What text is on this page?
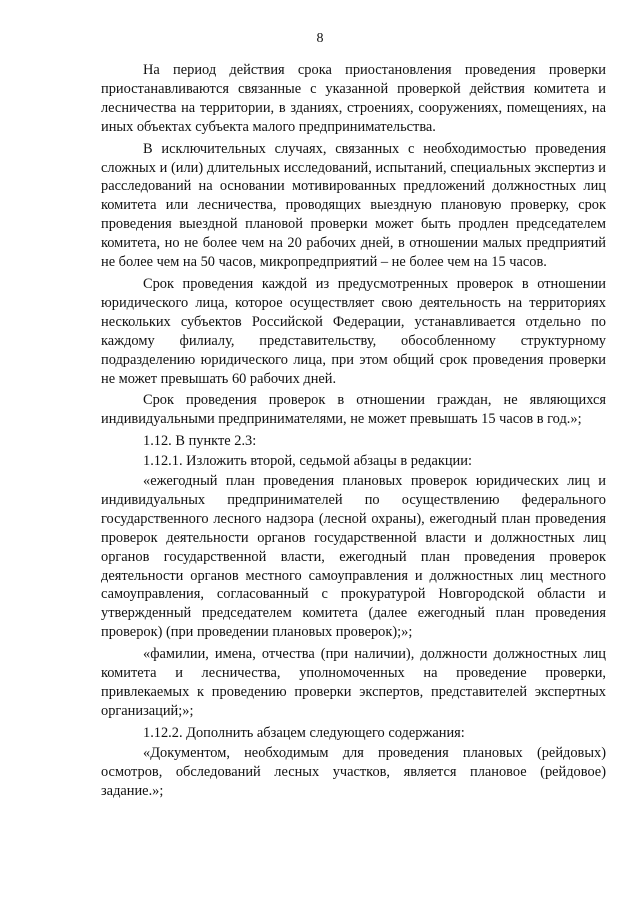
8

На период действия срока приостановления проведения проверки приостанавливаются связанные с указанной проверкой действия комитета и лесничества на территории, в зданиях, строениях, сооружениях, помещениях, на иных объектах субъекта малого предпринимательства.

В исключительных случаях, связанных с необходимостью проведения сложных и (или) длительных исследований, испытаний, специальных экспертиз и расследований на основании мотивированных предложений должностных лиц комитета или лесничества, проводящих выездную плановую проверку, срок проведения выездной плановой проверки может быть продлен председателем комитета, но не более чем на 20 рабочих дней, в отношении малых предприятий не более чем на 50 часов, микропредприятий – не более чем на 15 часов.

Срок проведения каждой из предусмотренных проверок в отношении юридического лица, которое осуществляет свою деятельность на территориях нескольких субъектов Российской Федерации, устанавливается отдельно по каждому филиалу, представительству, обособленному структурному подразделению юридического лица, при этом общий срок проведения проверки не может превышать 60 рабочих дней.

Срок проведения проверок в отношении граждан, не являющихся индивидуальными предпринимателями, не может превышать 15 часов в год.»;

1.12. В пункте 2.3:

1.12.1. Изложить второй, седьмой абзацы в редакции:

«ежегодный план проведения плановых проверок юридических лиц и индивидуальных предпринимателей по осуществлению федерального государственного лесного надзора (лесной охраны), ежегодный план проведения проверок деятельности органов государственной власти и должностных лиц органов государственной власти, ежегодный план проведения проверок деятельности органов местного самоуправления и должностных лиц местного самоуправления, согласованный с прокуратурой Новгородской области и утвержденный председателем комитета (далее ежегодный план проведения проверок) (при проведении плановых проверок);»;

«фамилии, имена, отчества (при наличии), должности должностных лиц комитета и лесничества, уполномоченных на проведение проверки, привлекаемых к проведению проверки экспертов, представителей экспертных организаций;»;

1.12.2. Дополнить абзацем следующего содержания:

«Документом, необходимым для проведения плановых (рейдовых) осмотров, обследований лесных участков, является плановое (рейдовое) задание.»;
